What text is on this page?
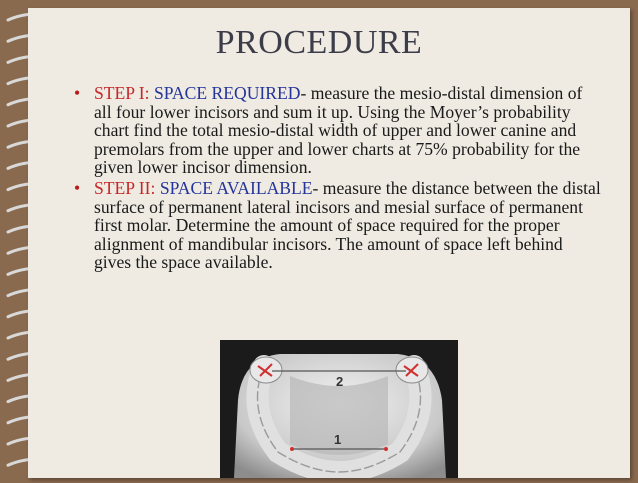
PROCEDURE
• STEP I: SPACE REQUIRED- measure the mesio-distal dimension of all four lower incisors and sum it up. Using the Moyer’s probability chart find the total mesio-distal width of upper and lower canine and premolars from the upper and lower charts at 75% probability for the given lower incisor dimension.
• STEP II: SPACE AVAILABLE- measure the distance between the distal surface of permanent lateral incisors and mesial surface of permanent first molar. Determine the amount of space required for the proper alignment of mandibular incisors. The amount of space left behind gives the space available.
2
1
